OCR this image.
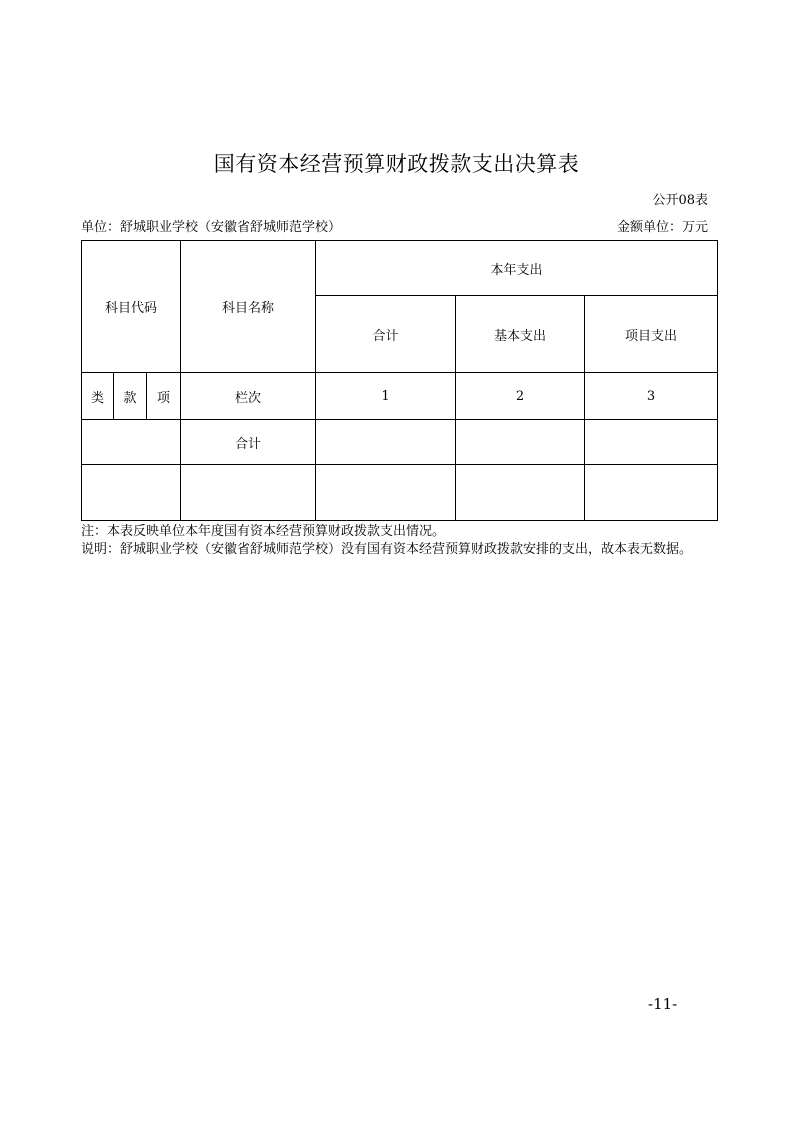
国有资本经营预算财政拨款支出决算表
公开08表
单位：舒城职业学校（安徽省舒城师范学校）	金额单位：万元
科目代码			科目名称	本年支出		
				合计	基本支出	项目支出
类	款	项	栏次	1	2	3
			合计			

注：本表反映单位本年度国有资本经营预算财政拨款支出情况。
说明：舒城职业学校（安徽省舒城师范学校）没有国有资本经营预算财政拨款安排的支出，故本表无数据。
-11-
